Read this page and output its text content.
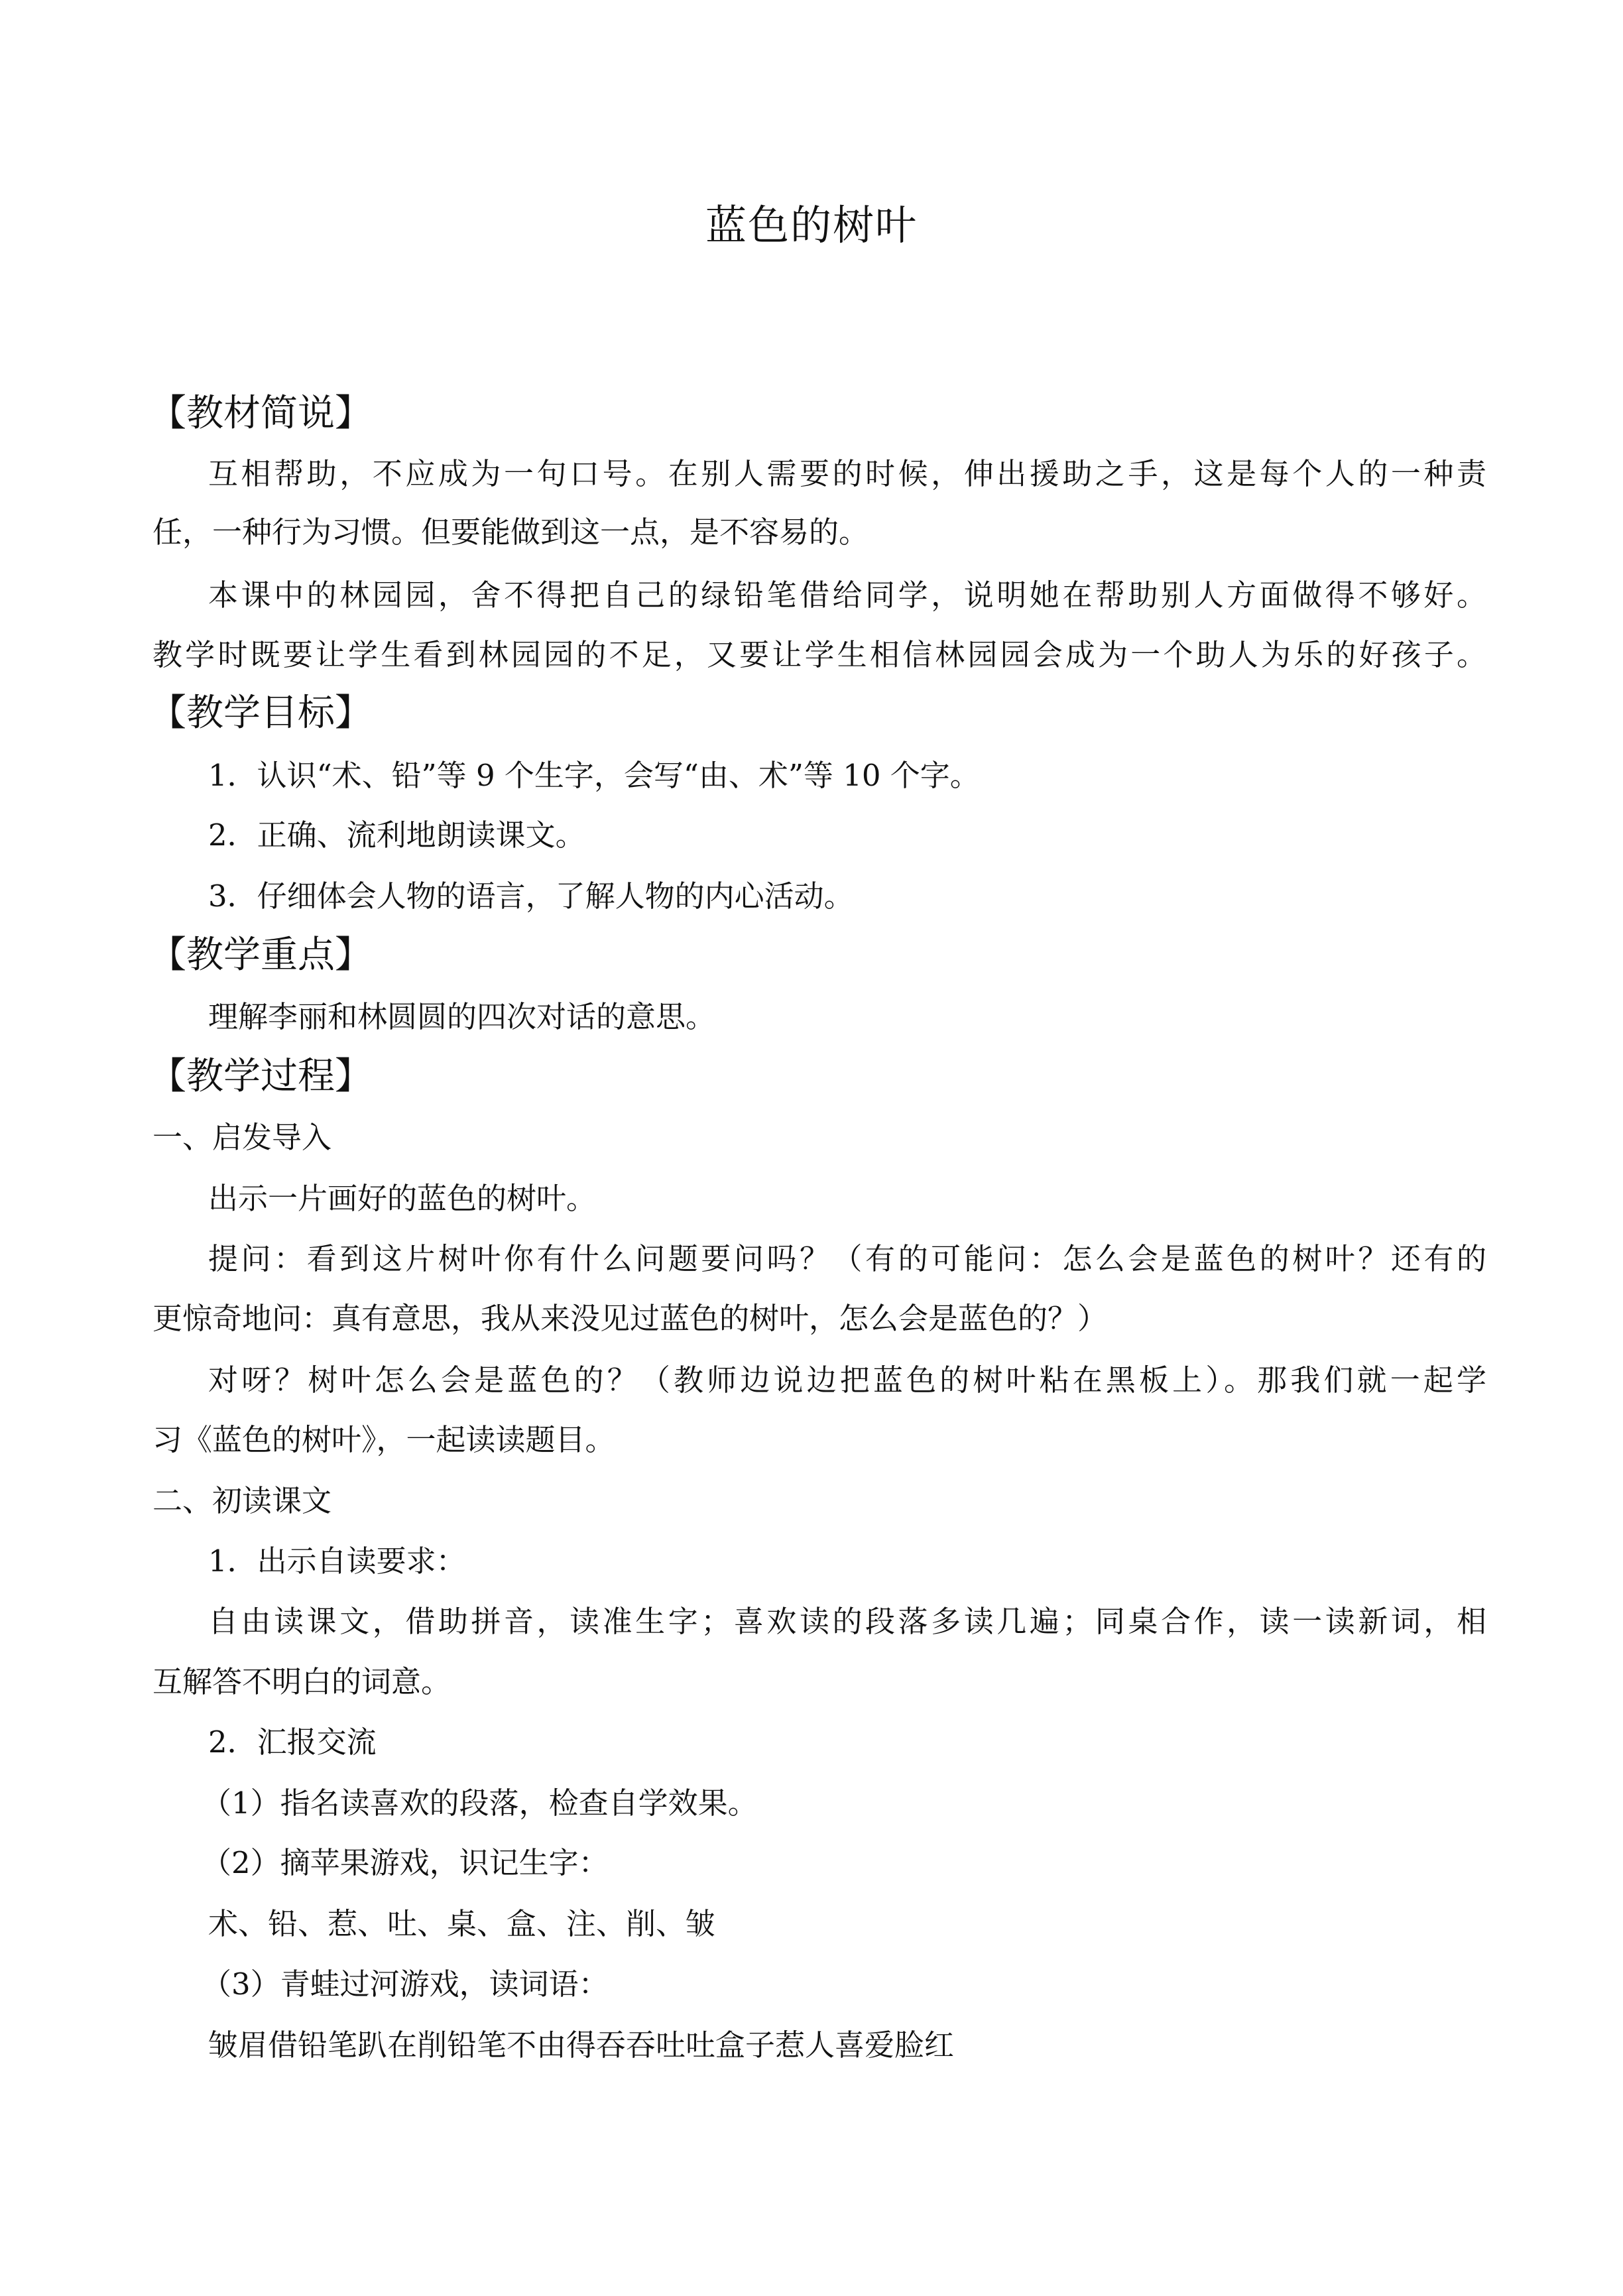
蓝色的树叶
【教材简说】
互相帮助，不应成为一句口号。在别人需要的时候，伸出援助之手，这是每个人的一种责
任，一种行为习惯。但要能做到这一点，是不容易的。
本课中的林园园，舍不得把自己的绿铅笔借给同学，说明她在帮助别人方面做得不够好。
教学时既要让学生看到林园园的不足，又要让学生相信林园园会成为一个助人为乐的好孩子。
【教学目标】
1．认识“术、铅”等 9 个生字，会写“由、术”等 10 个字。
2．正确、流利地朗读课文。
3．仔细体会人物的语言，了解人物的内心活动。
【教学重点】
理解李丽和林圆圆的四次对话的意思。
【教学过程】
一、启发导入
出示一片画好的蓝色的树叶。
提问：看到这片树叶你有什么问题要问吗？（有的可能问：怎么会是蓝色的树叶？还有的
更惊奇地问：真有意思，我从来没见过蓝色的树叶，怎么会是蓝色的？）
对呀？树叶怎么会是蓝色的？（教师边说边把蓝色的树叶粘在黑板上）。那我们就一起学
习《蓝色的树叶》，一起读读题目。
二、初读课文
1．出示自读要求：
自由读课文，借助拼音，读准生字；喜欢读的段落多读几遍；同桌合作，读一读新词，相
互解答不明白的词意。
2．汇报交流
（1）指名读喜欢的段落，检查自学效果。
（2）摘苹果游戏，识记生字：
术、铅、惹、吐、桌、盒、注、削、皱
（3）青蛙过河游戏，读词语：
皱眉借铅笔趴在削铅笔不由得吞吞吐吐盒子惹人喜爱脸红
